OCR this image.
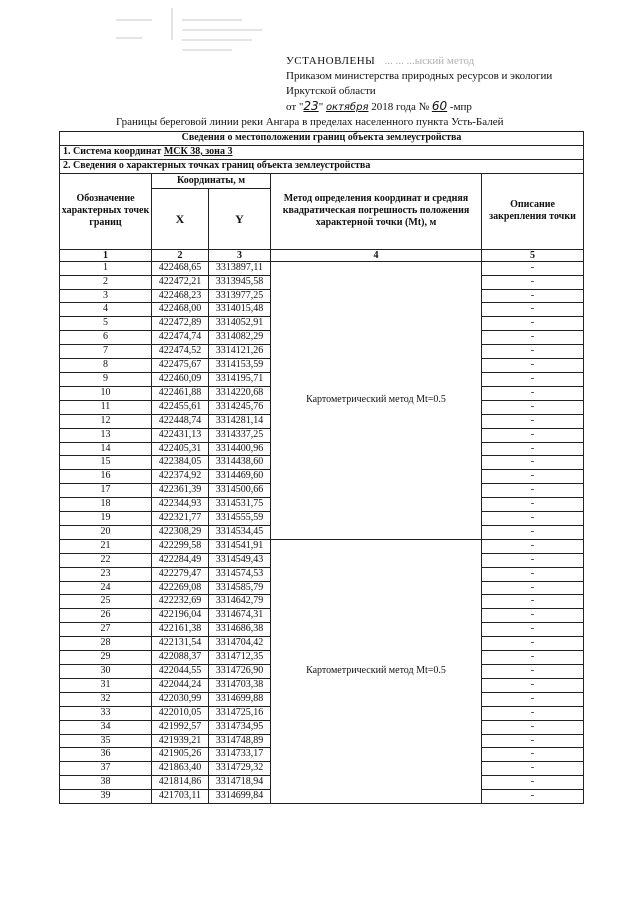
УСТАНОВЛЕНЫ ... ... ...ыский метод
Приказом министерства природных ресурсов и экологии
Иркутской области
от "23" октября 2018 года № 60 -мпр
Границы береговой линии реки Ангара в пределах населенного пункта Усть-Балей
Сведения о местоположении границ объекта землеустройства				
1. Система координат МСК 38, зона 3				
2. Сведения о характерных точках границ объекта землеустройства				
Обозначение характерных точек границ	Координаты, м		Метод определения координат и средняя квадратическая погрешность положения характерной точки (Mt), м	Описание закрепления точки
	X	Y		
1	2	3	4	5
1	422468,65	3313897,11	Картометрический метод Mt=0.5	-
2	422472,21	3313945,58		-
3	422468,23	3313977,25		-
4	422468,00	3314015,48		-
5	422472,89	3314052,91		-
6	422474,74	3314082,29		-
7	422474,52	3314121,26		-
8	422475,67	3314153,59		-
9	422460,09	3314195,71		-
10	422461,88	3314220,68		-
11	422455,61	3314245,76		-
12	422448,74	3314281,14		-
13	422431,13	3314337,25		-
14	422405,31	3314400,96		-
15	422384,05	3314438,60		-
16	422374,92	3314469,60		-
17	422361,39	3314500,66		-
18	422344,93	3314531,75		-
19	422321,77	3314555,59		-
20	422308,29	3314534,45		-
21	422299,58	3314541,91	Картометрический метод Mt=0.5	-
22	422284,49	3314549,43		-
23	422279,47	3314574,53		-
24	422269,08	3314585,79		-
25	422232,69	3314642,79		-
26	422196,04	3314674,31		-
27	422161,38	3314686,38		-
28	422131,54	3314704,42		-
29	422088,37	3314712,35		-
30	422044,55	3314726,90		-
31	422044,24	3314703,38		-
32	422030,99	3314699,88		-
33	422010,05	3314725,16		-
34	421992,57	3314734,95		-
35	421939,21	3314748,89		-
36	421905,26	3314733,17		-
37	421863,40	3314729,32		-
38	421814,86	3314718,94		-
39	421703,11	3314699,84		-
